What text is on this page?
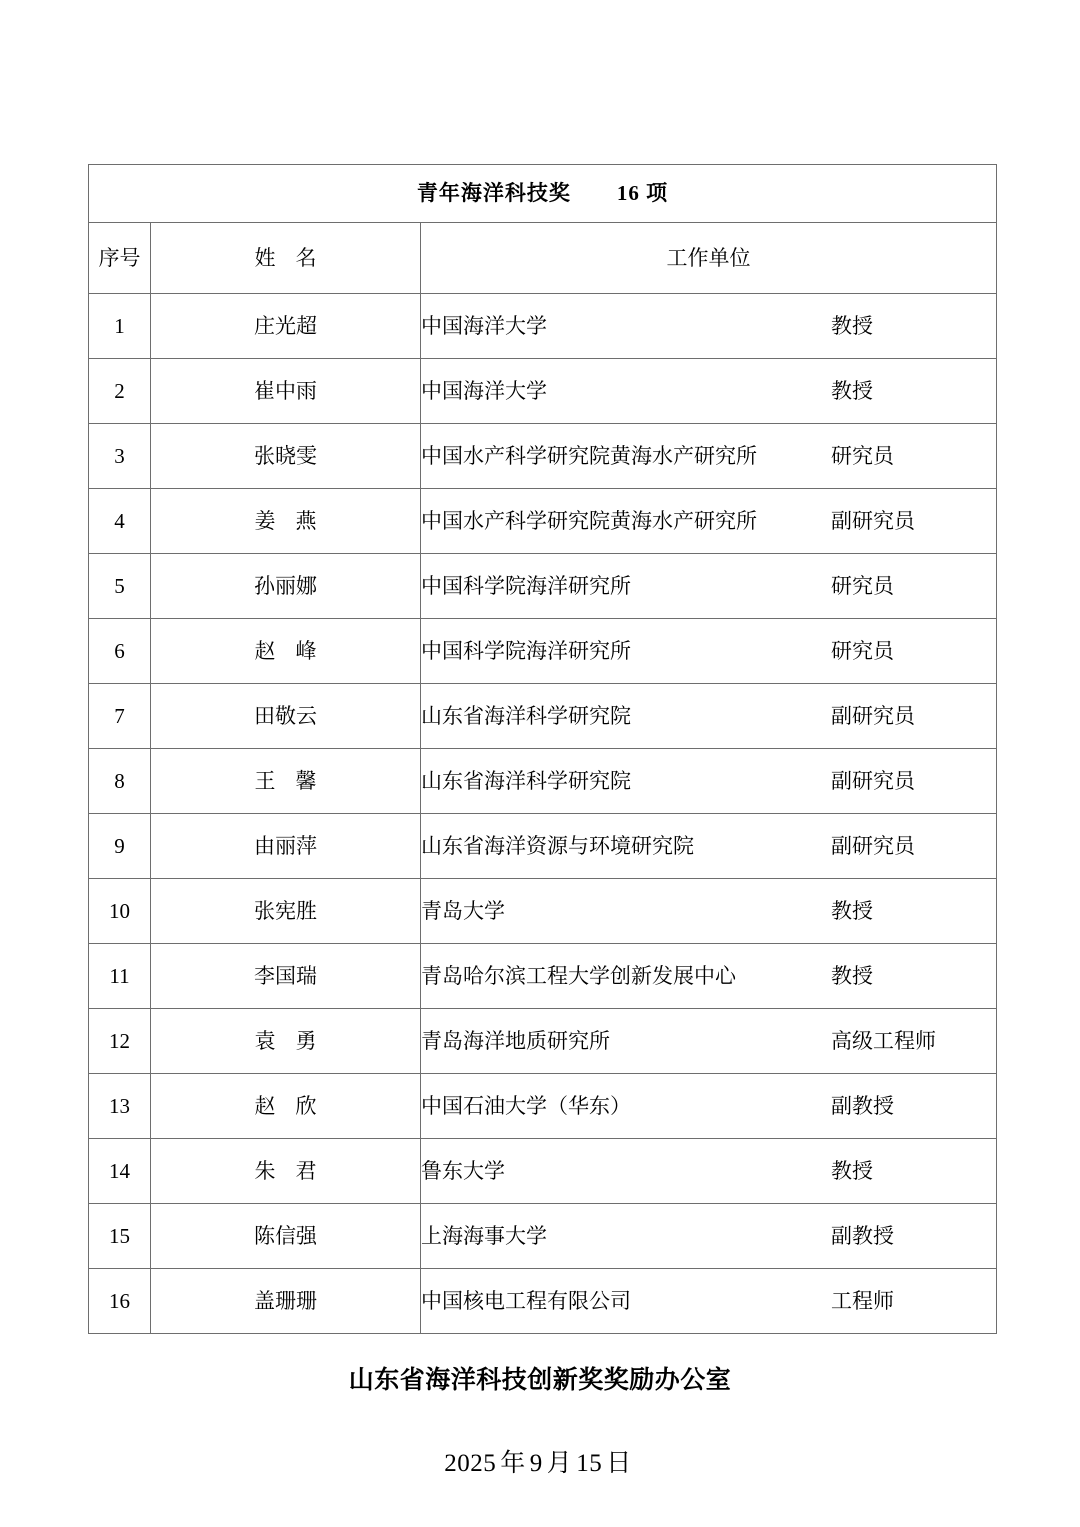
青年海洋科技奖 16 项		
序号	姓 名	工作单位
1	庄光超	中国海洋大学 教授

2	崔中雨	中国海洋大学 教授

3	张晓雯	中国水产科学研究院黄海水产研究所 研究员

4	姜 燕	中国水产科学研究院黄海水产研究所 副研究员

5	孙丽娜	中国科学院海洋研究所 研究员

6	赵 峰	中国科学院海洋研究所 研究员

7	田敬云	山东省海洋科学研究院 副研究员

8	王 馨	山东省海洋科学研究院 副研究员

9	由丽萍	山东省海洋资源与环境研究院 副研究员

10	张宪胜	青岛大学 教授

11	李国瑞	青岛哈尔滨工程大学创新发展中心 教授

12	袁 勇	青岛海洋地质研究所 高级工程师

13	赵 欣	中国石油大学（华东） 副教授

14	朱 君	鲁东大学 教授

15	陈信强	上海海事大学 副教授

16	盖珊珊	中国核电工程有限公司 工程师
山东省海洋科技创新奖奖励办公室
2025 年 9 月 15 日
